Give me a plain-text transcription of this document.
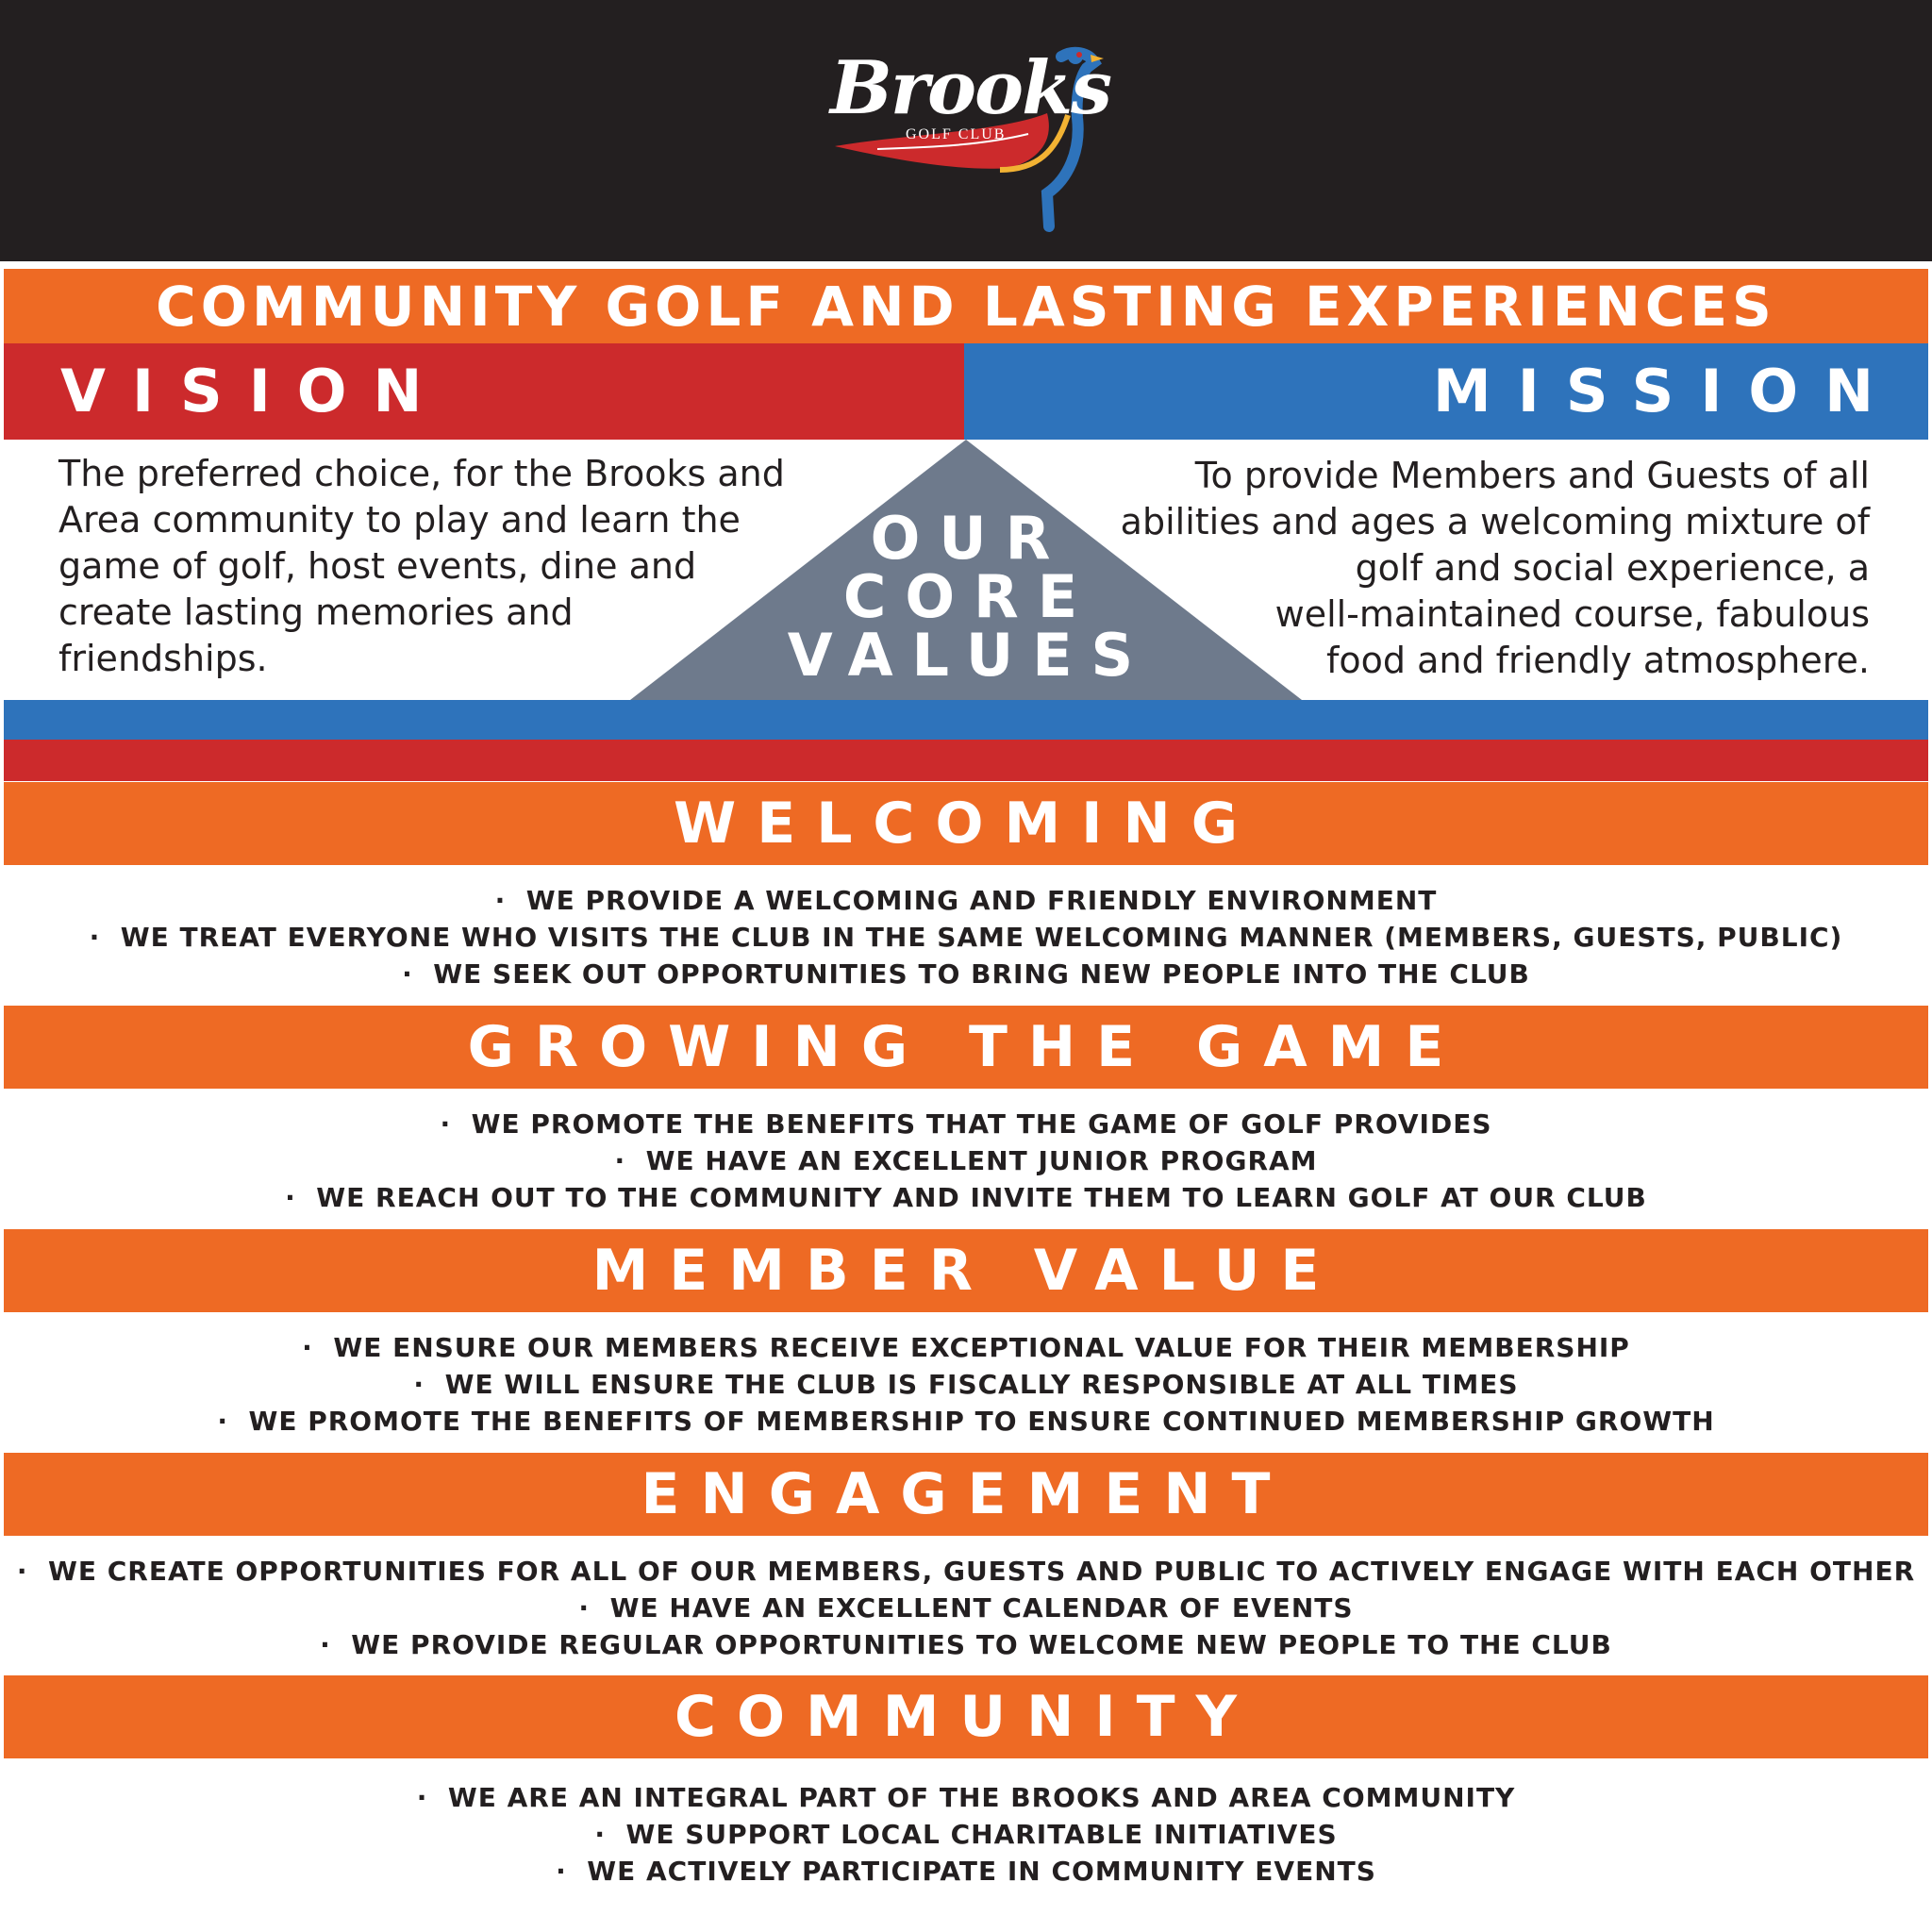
Brooks
GOLF CLUB
COMMUNITY GOLF AND LASTING EXPERIENCES
VISION	MISSION
OUR
CORE
VALUES
The preferred choice, for the Brooks and
Area community to play and learn the
game of golf, host events, dine and
create lasting memories and
friendships.
To provide Members and Guests of all
abilities and ages a welcoming mixture of
golf and social experience, a
well-maintained course, fabulous
food and friendly atmosphere.
WELCOMING
·  WE PROVIDE A WELCOMING AND FRIENDLY ENVIRONMENT
·  WE TREAT EVERYONE WHO VISITS THE CLUB IN THE SAME WELCOMING MANNER (MEMBERS, GUESTS, PUBLIC)
·  WE SEEK OUT OPPORTUNITIES TO BRING NEW PEOPLE INTO THE CLUB
GROWING THE GAME
·  WE PROMOTE THE BENEFITS THAT THE GAME OF GOLF PROVIDES
·  WE HAVE AN EXCELLENT JUNIOR PROGRAM
·  WE REACH OUT TO THE COMMUNITY AND INVITE THEM TO LEARN GOLF AT OUR CLUB
MEMBER VALUE
·  WE ENSURE OUR MEMBERS RECEIVE EXCEPTIONAL VALUE FOR THEIR MEMBERSHIP
·  WE WILL ENSURE THE CLUB IS FISCALLY RESPONSIBLE AT ALL TIMES
·  WE PROMOTE THE BENEFITS OF MEMBERSHIP TO ENSURE CONTINUED MEMBERSHIP GROWTH
ENGAGEMENT
·  WE CREATE OPPORTUNITIES FOR ALL OF OUR MEMBERS, GUESTS AND PUBLIC TO ACTIVELY ENGAGE WITH EACH OTHER
·  WE HAVE AN EXCELLENT CALENDAR OF EVENTS
·  WE PROVIDE REGULAR OPPORTUNITIES TO WELCOME NEW PEOPLE TO THE CLUB
COMMUNITY
·  WE ARE AN INTEGRAL PART OF THE BROOKS AND AREA COMMUNITY
·  WE SUPPORT LOCAL CHARITABLE INITIATIVES
·  WE ACTIVELY PARTICIPATE IN COMMUNITY EVENTS
